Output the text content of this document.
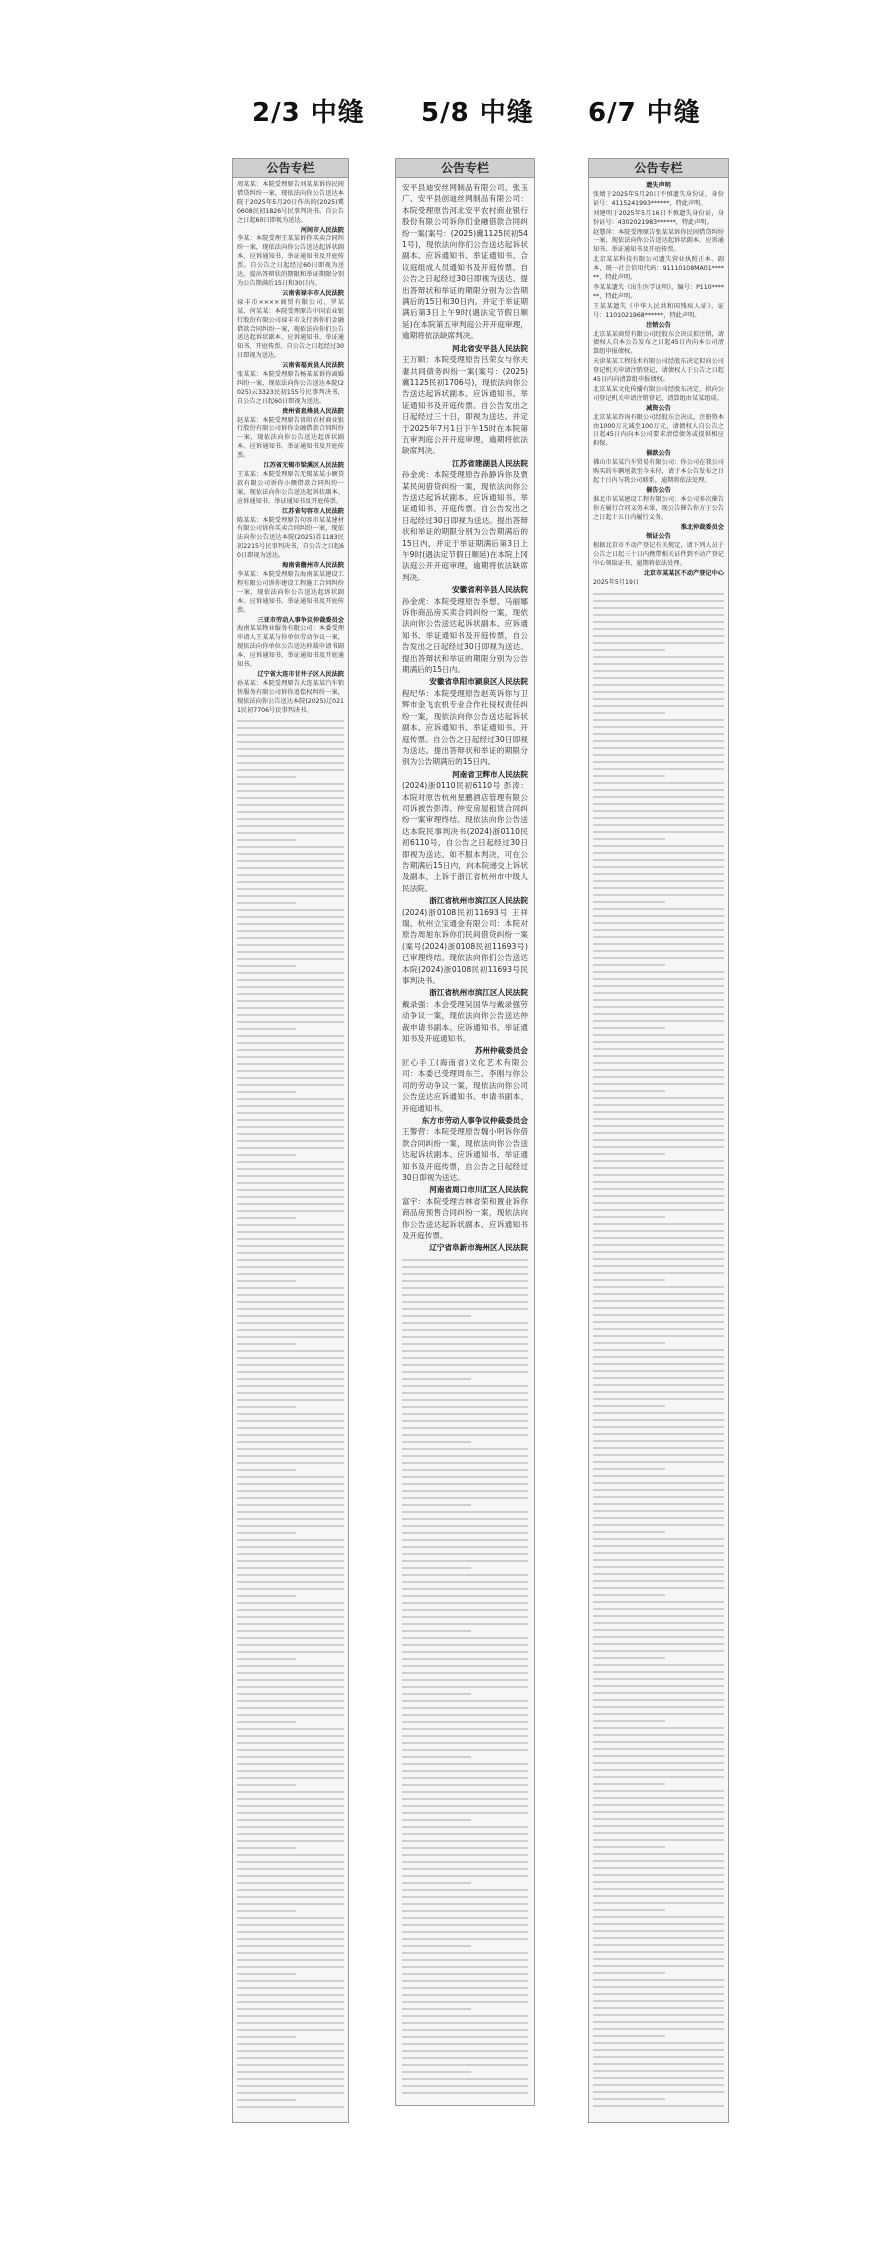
2/3 中缝 5/8 中缝 6/7 中缝
公告专栏
周某某：本院受理原告刘某某诉你民间借贷纠纷一案，现依法向你公告送达本院于2025年5月20日作出的(2025)冀0608民初1826号民事判决书。自公告之日起60日即视为送达。
河间市人民法院
李某：本院受理王某某诉你买卖合同纠纷一案，现依法向你公告送达起诉状副本、应诉通知书、举证通知书及开庭传票。自公告之日起经过60日即视为送达。提出答辩状的期限和举证期限分别为公告期满后15日和30日内。
云南省禄丰市人民法院
禄丰市××××商贸有限公司、罗某某、何某某：本院受理原告中国农业银行股份有限公司禄丰市支行诉你们金融借款合同纠纷一案，现依法向你们公告送达起诉状副本、应诉通知书、举证通知书、开庭传票。自公告之日起经过30日即视为送达。
云南省福贡县人民法院
张某某：本院受理原告杨某某诉你离婚纠纷一案，现依法向你公告送达本院(2025)云3323民初155号民事判决书，自公告之日起60日即视为送达。
贵州省息烽县人民法院
赵某某：本院受理原告贵阳农村商业银行股份有限公司诉你金融借款合同纠纷一案，现依法向你公告送达起诉状副本、应诉通知书、举证通知书及开庭传票。
江苏省无锡市梁溪区人民法院
王某某：本院受理原告无锡某某小额贷款有限公司诉你小额借款合同纠纷一案，现依法向你公告送达起诉状副本、应诉通知书、举证通知书及开庭传票。
江苏省句容市人民法院
陈某某：本院受理原告句容市某某建材有限公司诉你买卖合同纠纷一案，现依法向你公告送达本院(2025)苏1183民初2215号民事判决书，自公告之日起60日即视为送达。
海南省儋州市人民法院
李某某：本院受理原告海南某某建设工程有限公司诉你建设工程施工合同纠纷一案，现依法向你公告送达起诉状副本、应诉通知书、举证通知书及开庭传票。
三亚市劳动人事争议仲裁委员会
海南某某物业服务有限公司：本委受理申请人王某某与你单位劳动争议一案，现依法向你单位公告送达仲裁申请书副本、应诉通知书、举证通知书及开庭通知书。
辽宁省大连市甘井子区人民法院
孙某某：本院受理原告大连某某汽车销售服务有限公司诉你追偿权纠纷一案，现依法向你公告送达本院(2025)辽0211民初7706号民事判决书。
公告专栏
安平县迪安丝网制品有限公司、张玉广、安平县创迪丝网制品有限公司：本院受理原告河北安平农村商业银行股份有限公司诉你们金融借款合同纠纷一案(案号：(2025)冀1125民初541号)，现依法向你们公告送达起诉状副本、应诉通知书、举证通知书、合议庭组成人员通知书及开庭传票。自公告之日起经过30日即视为送达。提出答辩状和举证的期限分别为公告期满后的15日和30日内。并定于举证期满后第3日上午9时(遇法定节假日顺延)在本院第五审判庭公开开庭审理，逾期将依法缺席判决。
河北省安平县人民法院
王万顺：本院受理原告吕荣女与你夫妻共同债务纠纷一案(案号：(2025)冀1125民初1706号)，现依法向你公告送达起诉状副本、应诉通知书、举证通知书及开庭传票。自公告发出之日起经过三十日，即视为送达。并定于2025年7月1日下午15时在本院第五审判庭公开开庭审理，逾期将依法缺席判决。
江苏省建湖县人民法院
孙金虎：本院受理原告孙静诉你及贾某民间借贷纠纷一案，现依法向你公告送达起诉状副本、应诉通知书、举证通知书、开庭传票。自公告发出之日起经过30日即视为送达。提出答辩状和举证的期限分别为公告期满后的15日内，并定于举证期满后第3日上午9时(遇法定节假日顺延)在本院上冈法庭公开开庭审理，逾期将依法缺席判决。
安徽省利辛县人民法院
孙金虎：本院受理原告李想、马丽娜诉你商品房买卖合同纠纷一案，现依法向你公告送达起诉状副本、应诉通知书、举证通知书及开庭传票，自公告发出之日起经过30日即视为送达。提出答辩状和举证的期限分别为公告期满后的15日内。
安徽省阜阳市颍泉区人民法院
程纪华：本院受理原告赵英诉你与卫辉市金飞农机专业合作社侵权责任纠纷一案，现依法向你公告送达起诉状副本、应诉通知书、举证通知书、开庭传票。自公告之日起经过30日即视为送达。提出答辩状和举证的期限分别为公告期满后的15日内。
河南省卫辉市人民法院
(2024)浙0110民初6110号 彭涛：本院对原告杭州星鹏酒店管理有限公司诉被告彭涛、仲安房屋租赁合同纠纷一案审理终结。现依法向你公告送达本院民事判决书(2024)浙0110民初6110号，自公告之日起经过30日即视为送达。如不服本判决，可在公告期满后15日内，向本院递交上诉状及副本，上诉于浙江省杭州市中级人民法院。
浙江省杭州市滨江区人民法院
(2024)浙0108民初11693号 王祥瑞、杭州立宝通金有限公司：本院对原告周旭东诉你们民间借贷纠纷一案(案号(2024)浙0108民初11693号)已审理终结。现依法向你们公告送达本院(2024)浙0108民初11693号民事判决书。
浙江省杭州市滨江区人民法院
戴录强：本会受理吴国华与戴录强劳动争议一案，现依法向你公告送达仲裁申请书副本、应诉通知书、举证通知书及开庭通知书。
苏州仲裁委员会
匠心手工(海南省)文化艺术有限公司：本委已受理周东兰、李刚与你公司的劳动争议一案，现依法向你公司公告送达应诉通知书、申请书副本、开庭通知书。
东方市劳动人事争议仲裁委员会
王警营：本院受理原告魏小明诉你借款合同纠纷一案，现依法向你公告送达起诉状副本、应诉通知书、举证通知书及开庭传票，自公告之日起经过30日即视为送达。
河南省周口市川汇区人民法院
富宇：本院受理吉林省荣和置业诉你商品房预售合同纠纷一案，现依法向你公告送达起诉状副本、应诉通知书及开庭传票。
辽宁省阜新市海州区人民法院
公告专栏
遗失声明
张婧于2025年5月20日不慎遗失身份证，身份证号：4115241993******，特此声明。
刘建明于2025年5月16日不慎遗失身份证，身份证号：4302021983******，特此声明。
赵慧萍：本院受理原告张某某诉你民间借贷纠纷一案，现依法向你公告送达起诉状副本、应诉通知书、举证通知书及开庭传票。
北京某某科技有限公司遗失营业执照正本、副本，统一社会信用代码：91110108MA01******，特此声明。
李某某遗失《出生医学证明》，编号：P110******，特此声明。
王某某遗失《中华人民共和国残疾人证》，证号：1101021968******，特此声明。
注销公告
北京某某商贸有限公司经股东会决议拟注销，请债权人自本公告发布之日起45日内向本公司清算组申报债权。
天津某某工程技术有限公司经股东决定拟向公司登记机关申请注销登记，请债权人于公告之日起45日内向清算组申报债权。
北京某某文化传播有限公司经股东决定，拟向公司登记机关申请注销登记，清算组由某某组成。
减资公告
北京某某咨询有限公司经股东会决议，注册资本由1000万元减至100万元，请债权人自公告之日起45日内向本公司要求清偿债务或提供相应担保。
催款公告
佛山市某某汽车贸易有限公司：你公司在我公司购买的车辆尾款至今未付，请于本公告发布之日起十日内与我公司联系，逾期将依法处理。
催告公告
淮北市某某建设工程有限公司：本公司多次催告你方履行合同义务未果，现公告催告你方于公告之日起十五日内履行义务。
淮北仲裁委员会
领证公告
根据北京市不动产登记有关规定，请下列人员于公告之日起三十日内携带相关证件到不动产登记中心领取证书，逾期将依法处理。
北京市某某区不动产登记中心
2025年5月19日
